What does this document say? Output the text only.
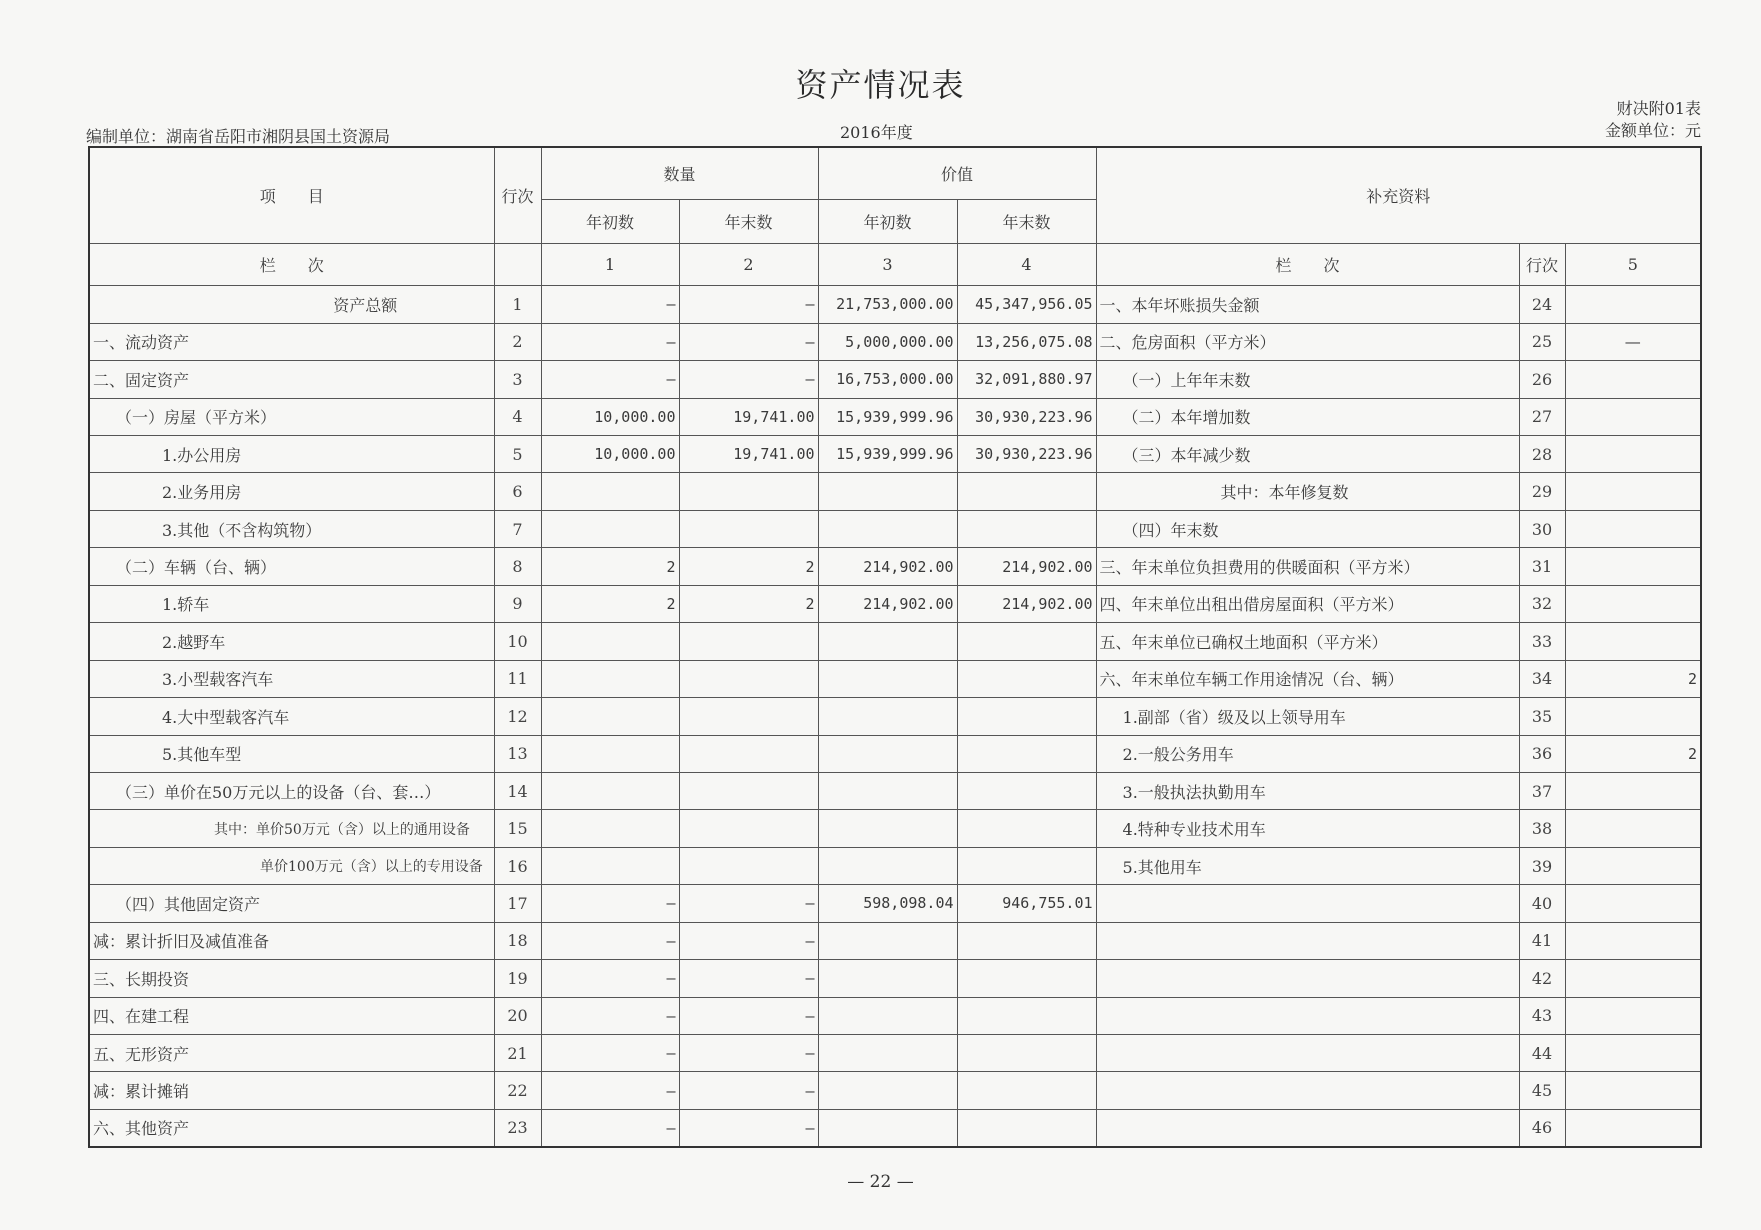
资产情况表
财决附01表
编制单位：湖南省岳阳市湘阴县国土资源局	2016年度	金额单位：元
项　　目	行次	数量		价值		补充资料		
		年初数	年末数	年初数	年末数			
栏　　次		1	2	3	4	栏　　次	行次	5
资产总额	1	—	—	21,753,000.00	45,347,956.05	一、本年坏账损失金额	24	
一、流动资产	2	—	—	5,000,000.00	13,256,075.08	二、危房面积（平方米）	25	—
二、固定资产	3	—	—	16,753,000.00	32,091,880.97	（一）上年年末数	26	
（一）房屋（平方米）	4	10,000.00	19,741.00	15,939,999.96	30,930,223.96	（二）本年增加数	27	
1.办公用房	5	10,000.00	19,741.00	15,939,999.96	30,930,223.96	（三）本年减少数	28	
2.业务用房	6					其中：本年修复数	29	
3.其他（不含构筑物）	7					（四）年末数	30	
（二）车辆（台、辆）	8	2	2	214,902.00	214,902.00	三、年末单位负担费用的供暖面积（平方米）	31	
1.轿车	9	2	2	214,902.00	214,902.00	四、年末单位出租出借房屋面积（平方米）	32	
2.越野车	10					五、年末单位已确权土地面积（平方米）	33	
3.小型载客汽车	11					六、年末单位车辆工作用途情况（台、辆）	34	2
4.大中型载客汽车	12					1.副部（省）级及以上领导用车	35	
5.其他车型	13					2.一般公务用车	36	2
（三）单价在50万元以上的设备（台、套…）	14					3.一般执法执勤用车	37	
其中：单价50万元（含）以上的通用设备	15					4.特种专业技术用车	38	
单价100万元（含）以上的专用设备	16					5.其他用车	39	
（四）其他固定资产	17	—	—	598,098.04	946,755.01		40	
减：累计折旧及减值准备	18	—	—				41	
三、长期投资	19	—	—				42	
四、在建工程	20	—	—				43	
五、无形资产	21	—	—				44	
减：累计摊销	22	—	—				45	
六、其他资产	23	—	—				46	
— 22 —
